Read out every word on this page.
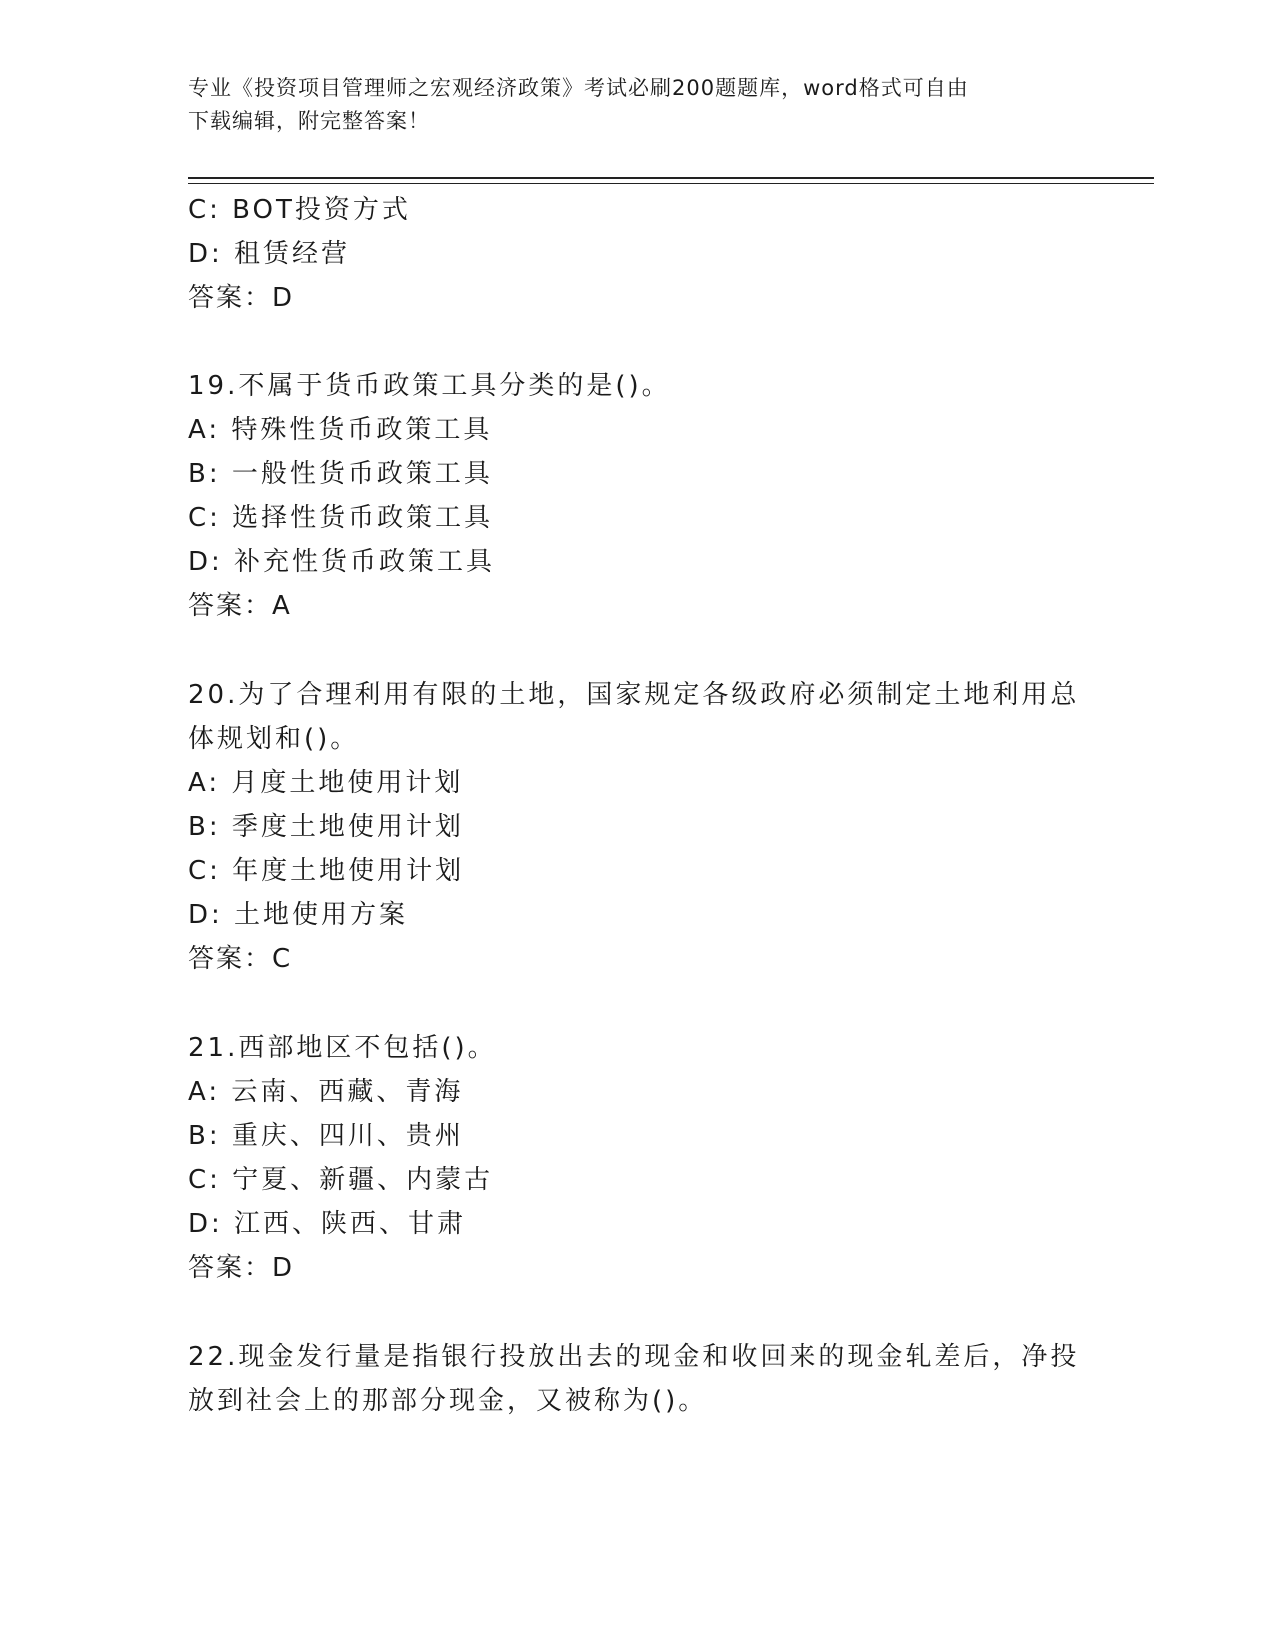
专业《投资项目管理师之宏观经济政策》考试必刷200题题库，word格式可自由
下载编辑，附完整答案！
C: BOT投资方式
D: 租赁经营
答案：D
19.不属于货币政策工具分类的是()。
A: 特殊性货币政策工具
B: 一般性货币政策工具
C: 选择性货币政策工具
D: 补充性货币政策工具
答案：A
20.为了合理利用有限的土地，国家规定各级政府必须制定土地利用总
体规划和()。
A: 月度土地使用计划
B: 季度土地使用计划
C: 年度土地使用计划
D: 土地使用方案
答案：C
21.西部地区不包括()。
A: 云南、西藏、青海
B: 重庆、四川、贵州
C: 宁夏、新疆、内蒙古
D: 江西、陕西、甘肃
答案：D
22.现金发行量是指银行投放出去的现金和收回来的现金轧差后，净投
放到社会上的那部分现金，又被称为()。
